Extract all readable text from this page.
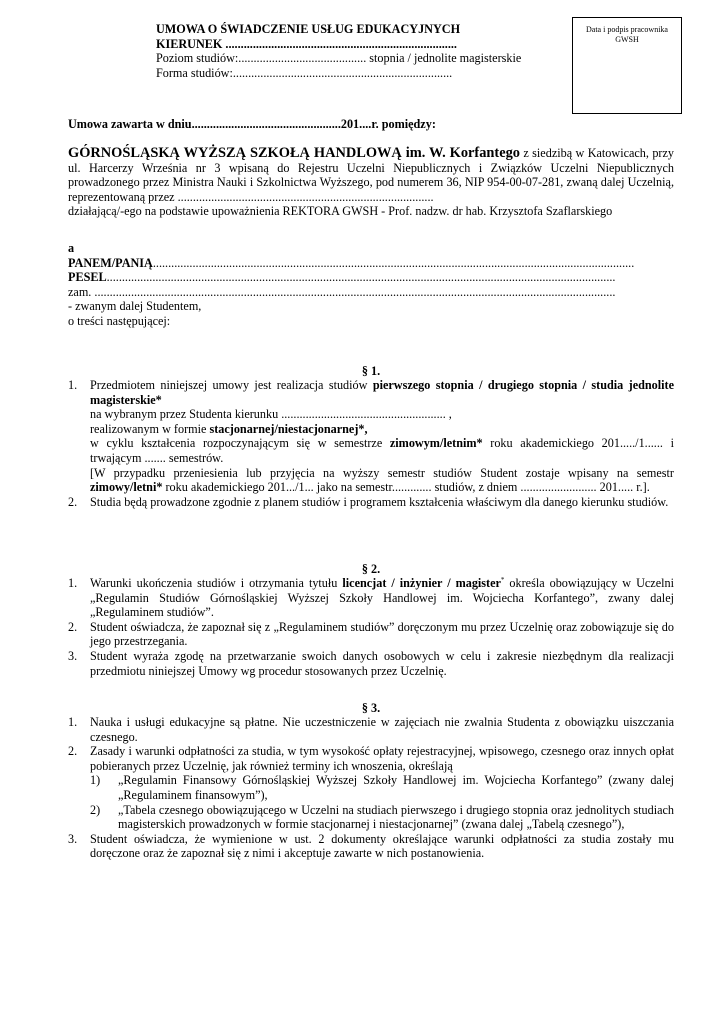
UMOWA O ŚWIADCZENIE USŁUG EDUKACYJNYCH
KIERUNEK ............................................................................
Poziom studiów:.......................................... stopnia / jednolite magisterskie
Forma studiów:........................................................................
Data i podpis pracownika
GWSH
Umowa zawarta w dniu.................................................201....r. pomiędzy:
GÓRNOŚLĄSKĄ WYŻSZĄ SZKOŁĄ HANDLOWĄ im. W. Korfantego z siedzibą w Katowicach, przy ul. Harcerzy Września nr 3 wpisaną do Rejestru Uczelni Niepublicznych i Związków Uczelni Niepublicznych prowadzonego przez Ministra Nauki i Szkolnictwa Wyższego, pod numerem 36, NIP 954-00-07-281, zwaną dalej Uczelnią, reprezentowaną przez ....................................................................................
działającą/-ego na podstawie upoważnienia REKTORA GWSH - Prof. nadzw. dr hab. Krzysztofa Szaflarskiego
a
PANEM/PANIĄ..............................................................................................................................................................
PESEL.......................................................................................................................................................................
zam. ...........................................................................................................................................................................
- zwanym dalej Studentem,
o treści następującej:
§ 1.
1. Przedmiotem niniejszej umowy jest realizacja studiów pierwszego stopnia / drugiego stopnia / studia jednolite magisterskie*
na wybranym przez Studenta kierunku ...................................................... ,
realizowanym w formie stacjonarnej/niestacjonarnej*,
w cyklu kształcenia rozpoczynającym się w semestrze zimowym/letnim* roku akademickiego 201...../1...... i trwającym ....... semestrów.
[W przypadku przeniesienia lub przyjęcia na wyższy semestr studiów Student zostaje wpisany na semestr zimowy/letni* roku akademickiego 201.../1... jako na semestr............. studiów, z dniem ......................... 201..... r.].
2. Studia będą prowadzone zgodnie z planem studiów i programem kształcenia właściwym dla danego kierunku studiów.
§ 2.
1. Warunki ukończenia studiów i otrzymania tytułu licencjat / inżynier / magister* określa obowiązujący w Uczelni „Regulamin Studiów Górnośląskiej Wyższej Szkoły Handlowej im. Wojciecha Korfantego”, zwany dalej „Regulaminem studiów”.
2. Student oświadcza, że zapoznał się z „Regulaminem studiów” doręczonym mu przez Uczelnię oraz zobowiązuje się do jego przestrzegania.
3. Student wyraża zgodę na przetwarzanie swoich danych osobowych w celu i zakresie niezbędnym dla realizacji przedmiotu niniejszej Umowy wg procedur stosowanych przez Uczelnię.
§ 3.
1. Nauka i usługi edukacyjne są płatne. Nie uczestniczenie w zajęciach nie zwalnia Studenta z obowiązku uiszczania czesnego.
2. Zasady i warunki odpłatności za studia, w tym wysokość opłaty rejestracyjnej, wpisowego, czesnego oraz innych opłat pobieranych przez Uczelnię, jak również terminy ich wnoszenia, określają
1) „Regulamin Finansowy Górnośląskiej Wyższej Szkoły Handlowej im. Wojciecha Korfantego” (zwany dalej „Regulaminem finansowym”),
2) „Tabela czesnego obowiązującego w Uczelni na studiach pierwszego i drugiego stopnia oraz jednolitych studiach magisterskich prowadzonych w formie stacjonarnej i niestacjonarnej” (zwana dalej „Tabelą czesnego”),
3. Student oświadcza, że wymienione w ust. 2 dokumenty określające warunki odpłatności za studia zostały mu doręczone oraz że zapoznał się z nimi i akceptuje zawarte w nich postanowienia.
